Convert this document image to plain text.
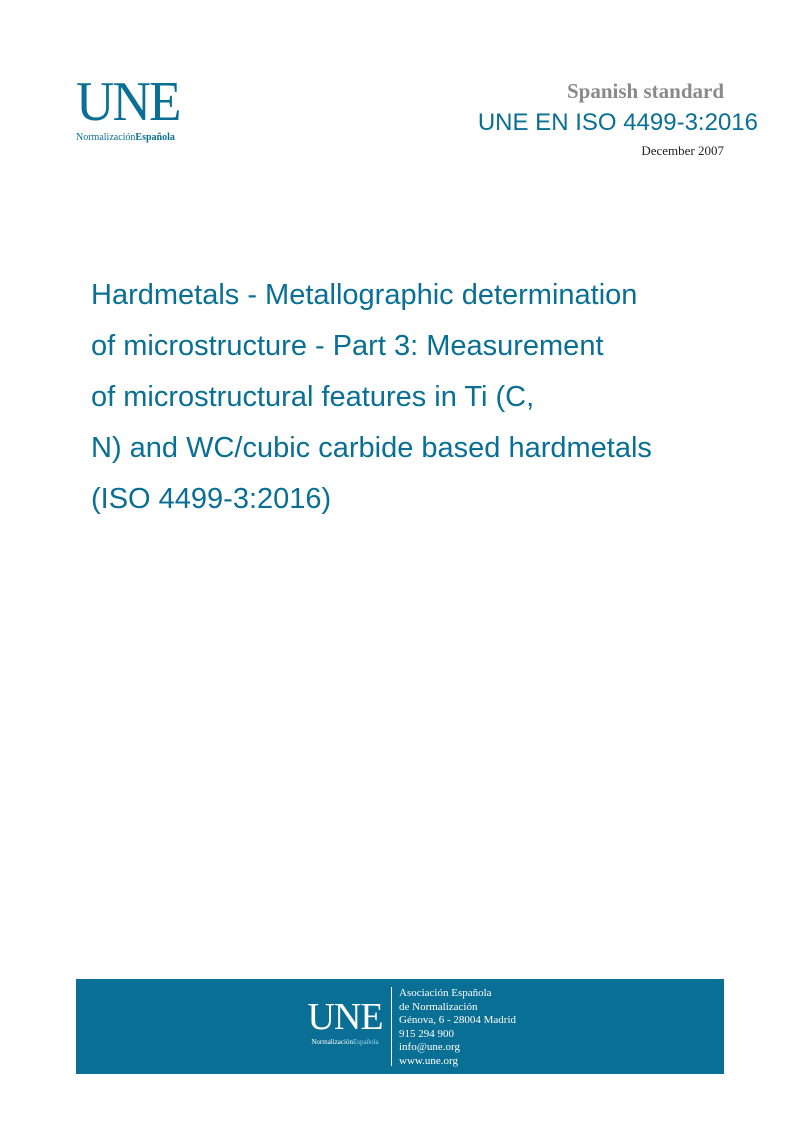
UNE
NormalizaciónEspañola
Spanish standard
UNE EN ISO 4499-3:2016
December 2007
Hardmetals - Metallographic determination
of microstructure - Part 3: Measurement
of microstructural features in Ti (C,
N) and WC/cubic carbide based hardmetals
(ISO 4499-3:2016)
UNE
NormalizaciónEspañola
Asociación Española
de Normalización
Génova, 6 - 28004 Madrid
915 294 900
info@une.org
www.une.org
